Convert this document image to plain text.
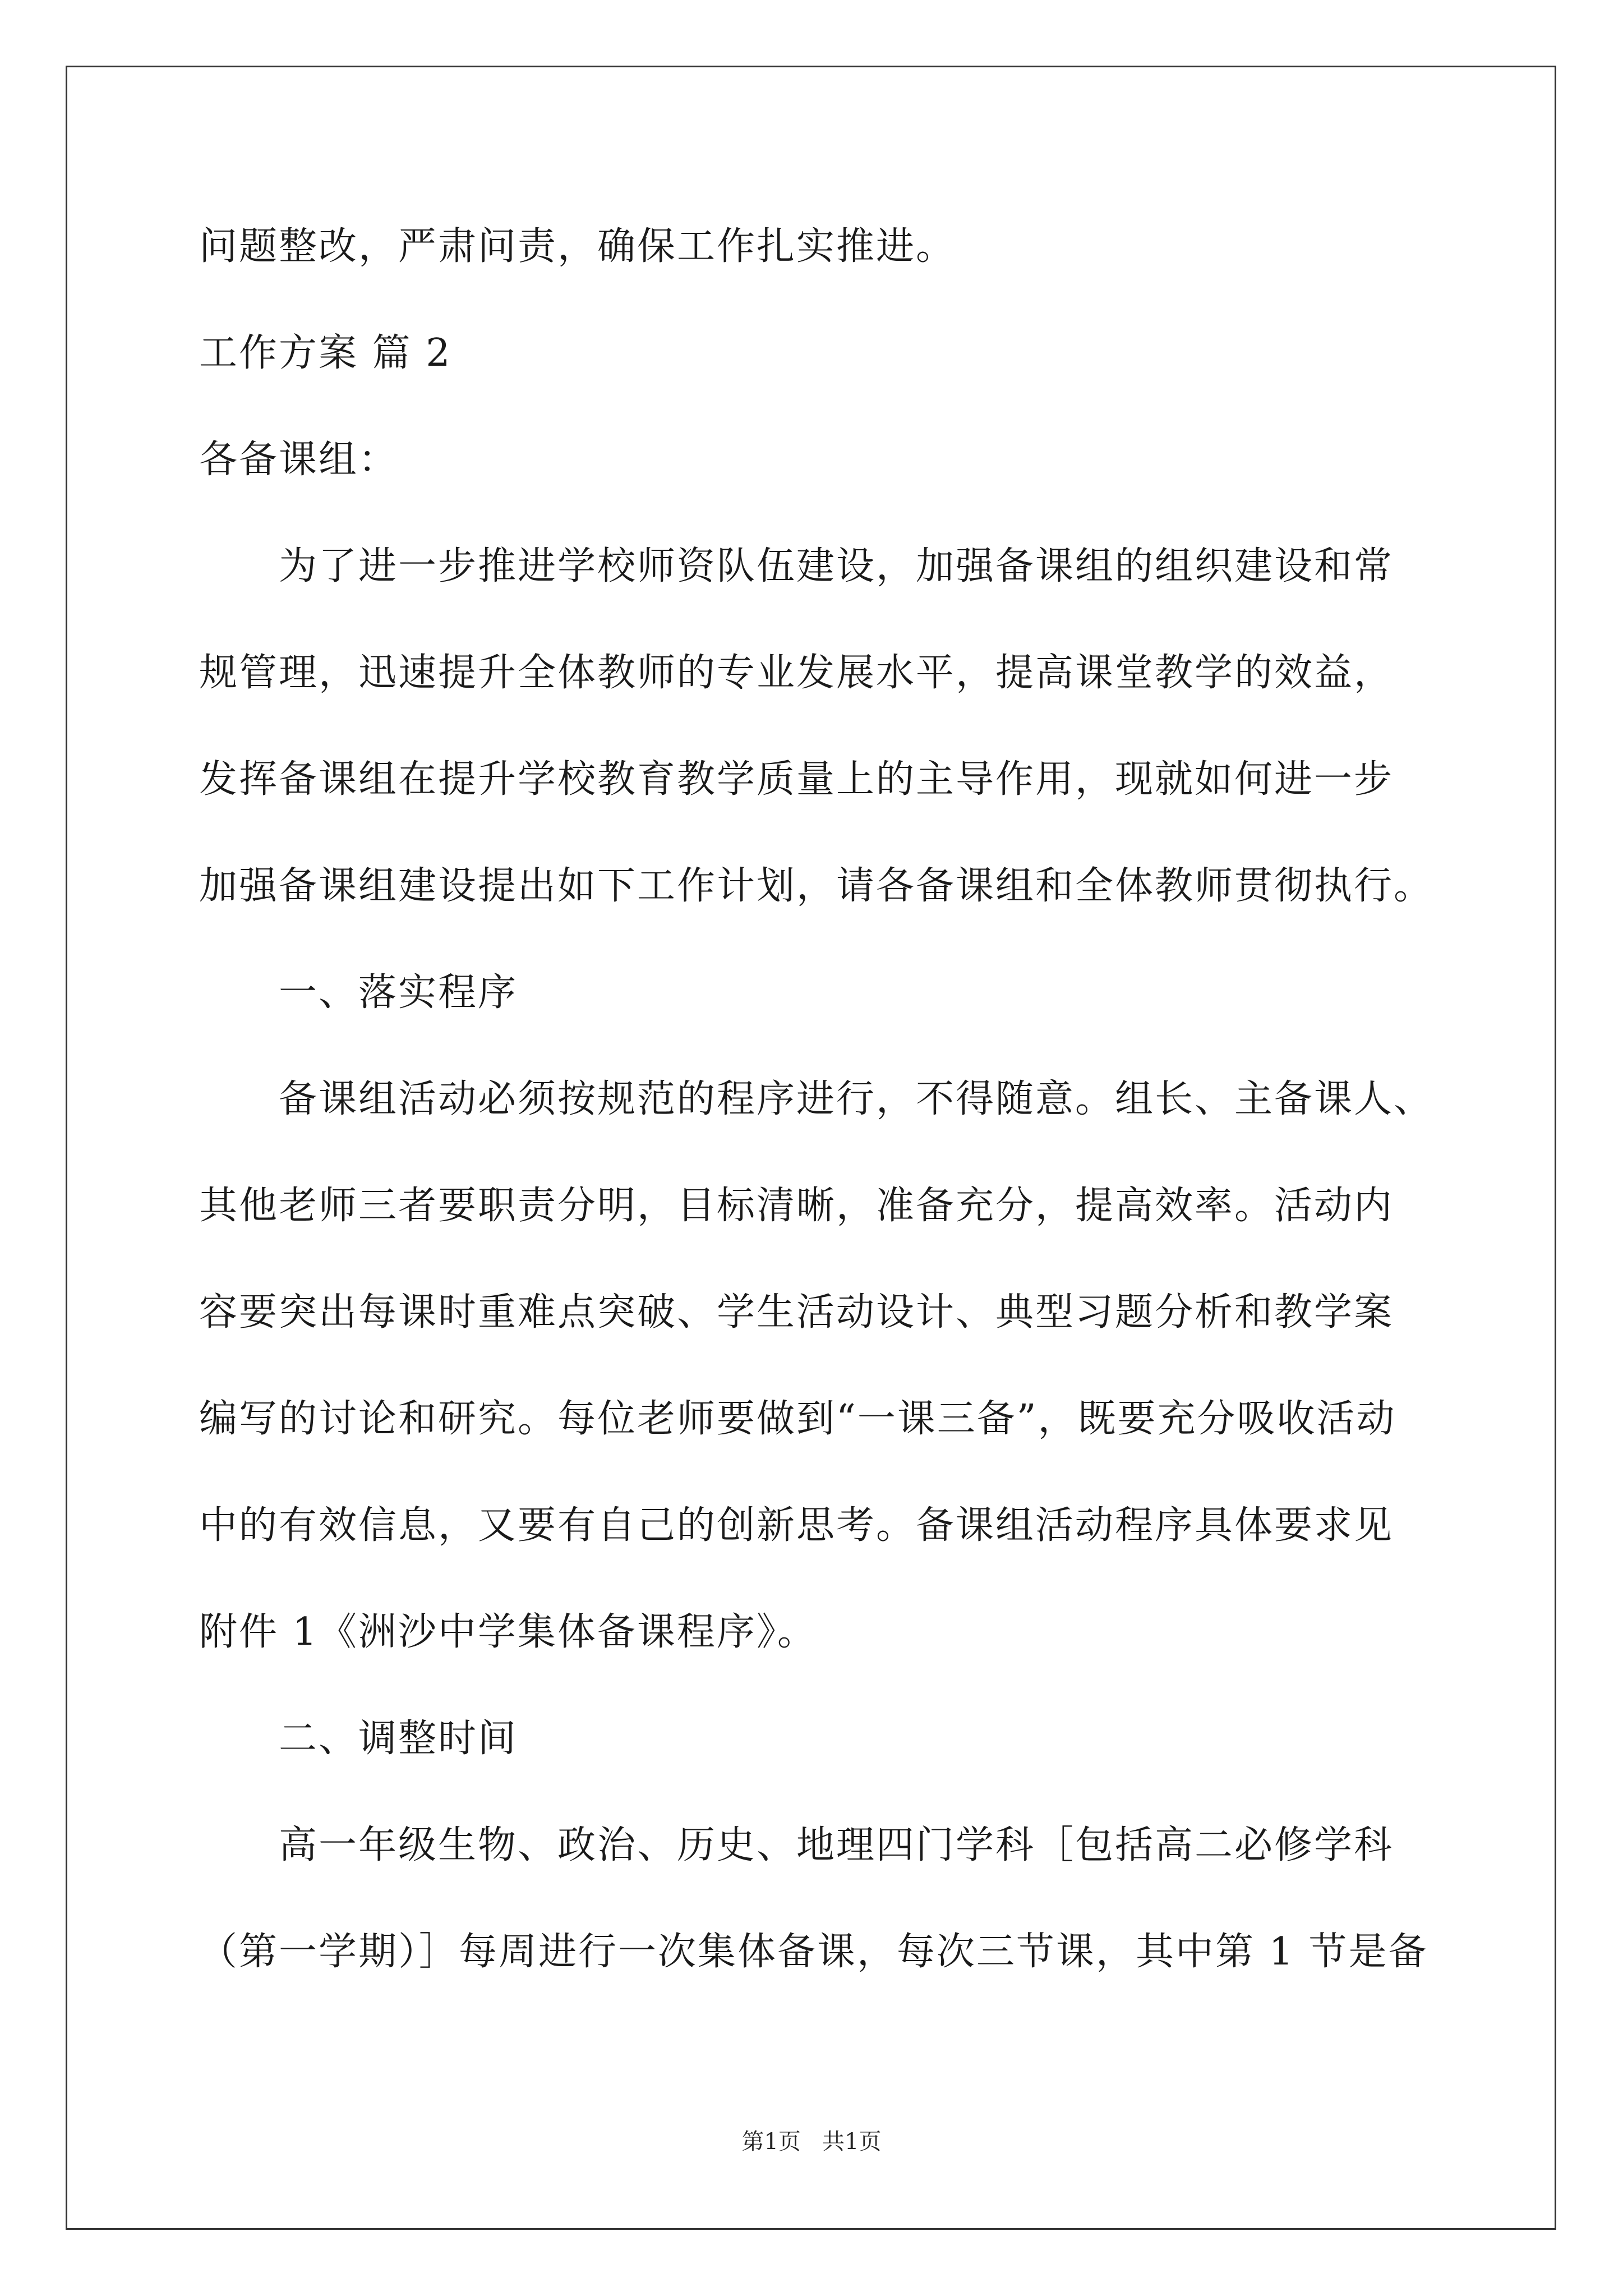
问题整改，严肃问责，确保工作扎实推进。
工作方案 篇 2
各备课组：
为了进一步推进学校师资队伍建设，加强备课组的组织建设和常
规管理，迅速提升全体教师的专业发展水平，提高课堂教学的效益，
发挥备课组在提升学校教育教学质量上的主导作用，现就如何进一步
加强备课组建设提出如下工作计划，请各备课组和全体教师贯彻执行。
一、落实程序
备课组活动必须按规范的程序进行，不得随意。组长、主备课人、
其他老师三者要职责分明，目标清晰，准备充分，提高效率。活动内
容要突出每课时重难点突破、学生活动设计、典型习题分析和教学案
编写的讨论和研究。每位老师要做到“一课三备”，既要充分吸收活动
中的有效信息，又要有自己的创新思考。备课组活动程序具体要求见
附件 1《洲沙中学集体备课程序》。
二、调整时间
高一年级生物、政治、历史、地理四门学科［包括高二必修学科
（第一学期）］每周进行一次集体备课，每次三节课，其中第 1 节是备
第1页   共1页
